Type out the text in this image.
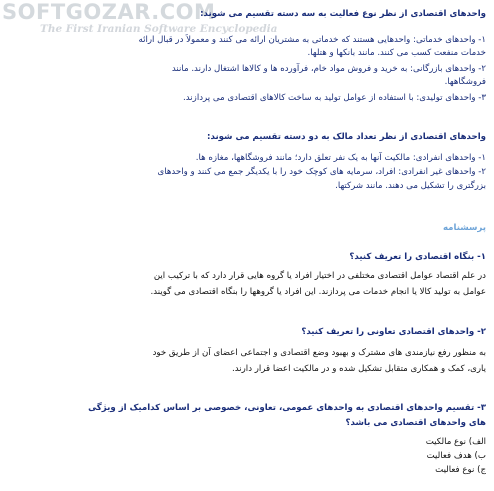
SOFTGOZAR.COM
The First Iranian Software Encyclopedia
واحدهای اقتصادی از نظر نوع فعالیت به سه دسته تقسیم می شوند:
۱- واحدهای خدماتی: واحدهایی هستند که خدماتی به مشتریان ارائه می کنند و معمولاً در قبال ارائه
خدمات منفعت کسب می کنند. مانند بانکها و هتلها.
۲- واحدهای بازرگانی: به خرید و فروش مواد خام، فرآورده ها و کالاها اشتغال دارند. مانند
فروشگاهها.
۳- واحدهای تولیدی: با استفاده از عوامل تولید به ساخت کالاهای اقتصادی می پردازند.
واحدهای اقتصادی از نظر تعداد مالک به دو دسته تقسیم می شوند:
۱- واحدهای انفرادی: مالکیت آنها به یک نفر تعلق دارد؛ مانند فروشگاهها، مغازه ها.
۲- واحدهای غیر انفرادی: افراد، سرمایه های کوچک خود را با یکدیگر جمع می کنند و واحدهای
بزرگتری را تشکیل می دهند. مانند شرکتها.
پرسشنامه
۱- بنگاه اقتصادی را تعریف کنید؟
در علم اقتصاد عوامل اقتصادی مختلفی در اختیار افراد یا گروه هایی قرار دارد که با ترکیب این
عوامل به تولید کالا یا انجام خدمات می پردازند. این افراد یا گروهها را بنگاه اقتصادی می گویند.
۲- واحدهای اقتصادی تعاونی را تعریف کنید؟
به منظور رفع نیازمندی های مشترک و بهبود وضع اقتصادی و اجتماعی اعضای آن از طریق خود
یاری، کمک و همکاری متقابل تشکیل شده و در مالکیت اعضا قرار دارند.
۳- تقسیم واحدهای اقتصادی به واحدهای عمومی، تعاونی، خصوصی بر اساس کدامیک از ویژگی
های واحدهای اقتصادی می باشد؟
الف) نوع مالکیت
ب) هدف فعالیت
ج) نوع فعالیت
